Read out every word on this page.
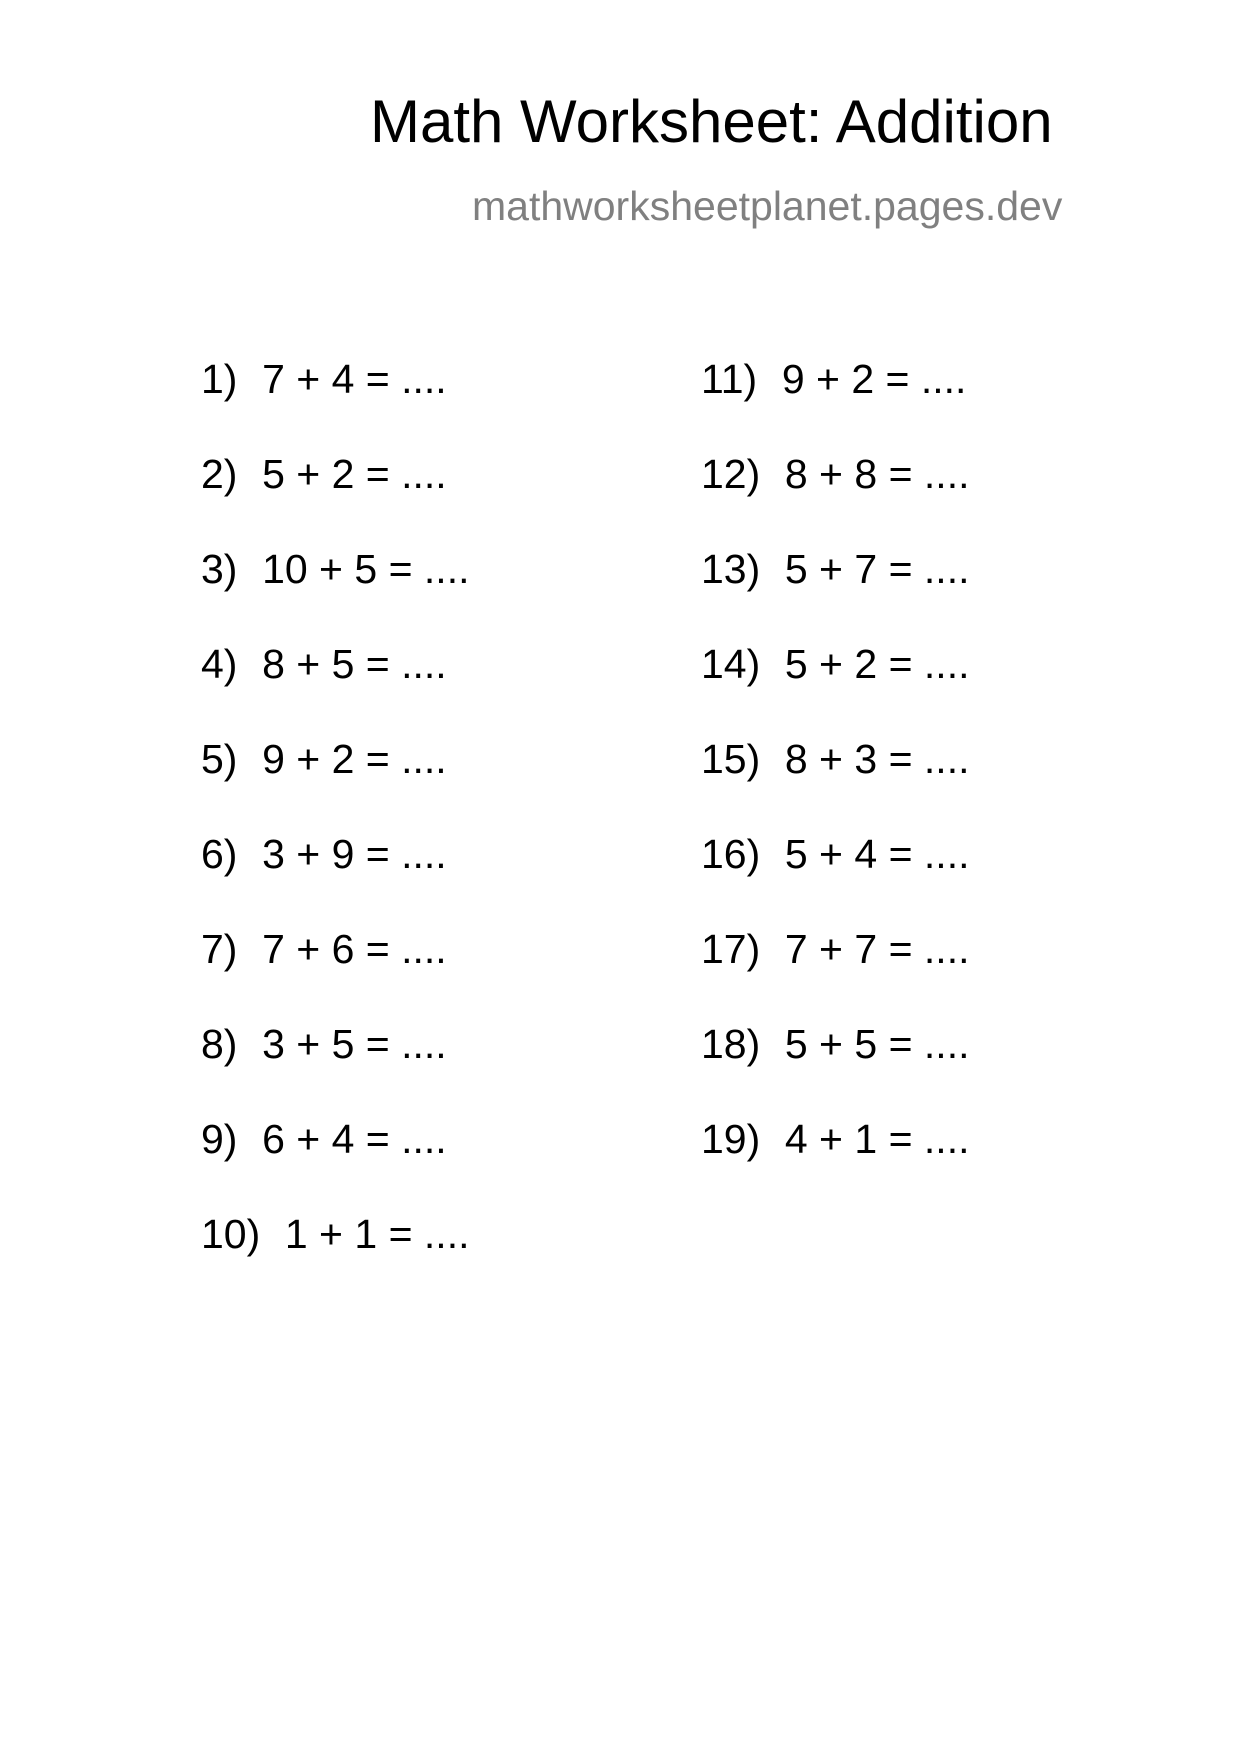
Math Worksheet: Addition
mathworksheetplanet.pages.dev
1) 7 + 4 = ....
2) 5 + 2 = ....
3) 10 + 5 = ....
4) 8 + 5 = ....
5) 9 + 2 = ....
6) 3 + 9 = ....
7) 7 + 6 = ....
8) 3 + 5 = ....
9) 6 + 4 = ....
10) 1 + 1 = ....
11) 9 + 2 = ....
12) 8 + 8 = ....
13) 5 + 7 = ....
14) 5 + 2 = ....
15) 8 + 3 = ....
16) 5 + 4 = ....
17) 7 + 7 = ....
18) 5 + 5 = ....
19) 4 + 1 = ....
